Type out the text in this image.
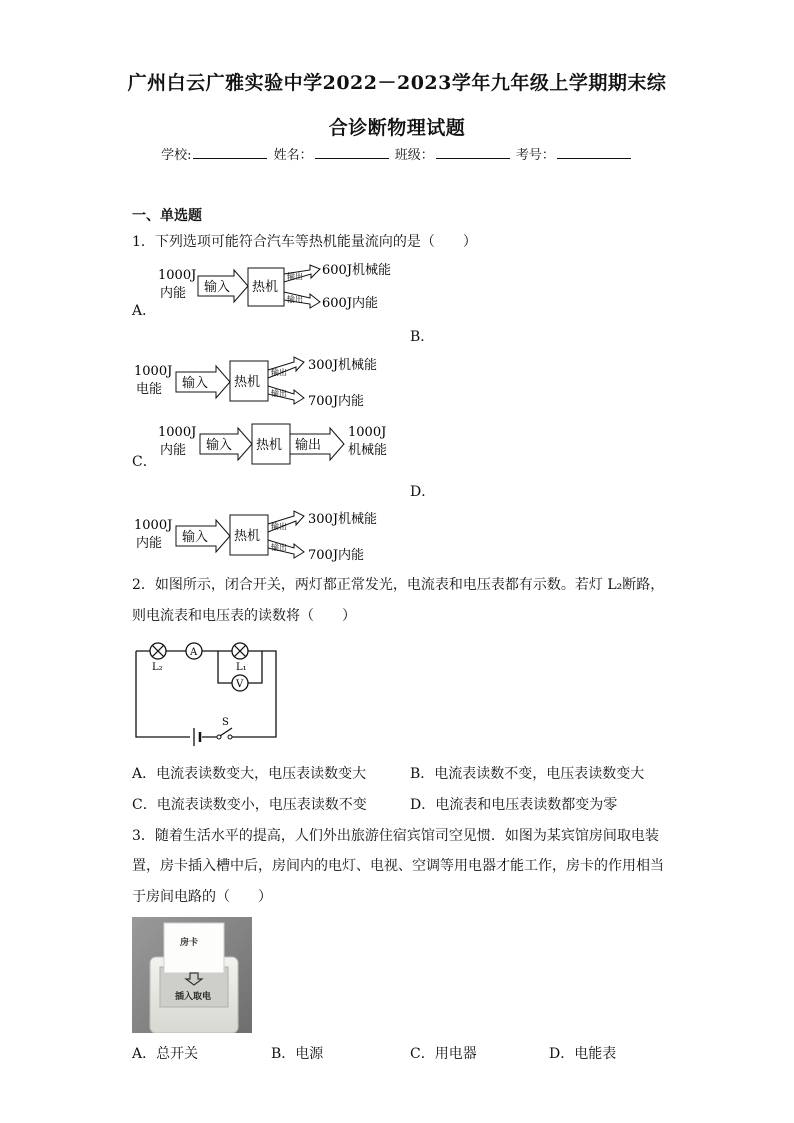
广州白云广雅实验中学2022－2023学年九年级上学期期末综
合诊断物理试题
学校:	姓名：	班级：	考号：
一、单选题
1．下列选项可能符合汽车等热机能量流向的是（　　）
1000J
内能 输入 热机
输出
输出
600J机械能
600J内能
A．
B．
1000J
电能 输入 热机
输出
输出
300J机械能
700J内能
1000J
内能 输入 热机 输出
1000J
机械能
C．
D．
1000J
内能 输入 热机
输出
输出
300J机械能
700J内能
2．如图所示，闭合开关，两灯都正常发光，电流表和电压表都有示数。若灯 L₂断路，
则电流表和电压表的读数将（　　）
L₂
A
L₁
V
S
A．电流表读数变大，电压表读数变大	B．电流表读数不变，电压表读数变大
C．电流表读数变小，电压表读数不变	D．电流表和电压表读数都变为零
3．随着生活水平的提高，人们外出旅游住宿宾馆司空见惯．如图为某宾馆房间取电装
置，房卡插入槽中后，房间内的电灯、电视、空调等用电器才能工作，房卡的作用相当
于房间电路的（　　）
房卡
插入取电
A．总开关	B．电源	C．用电器	D．电能表
